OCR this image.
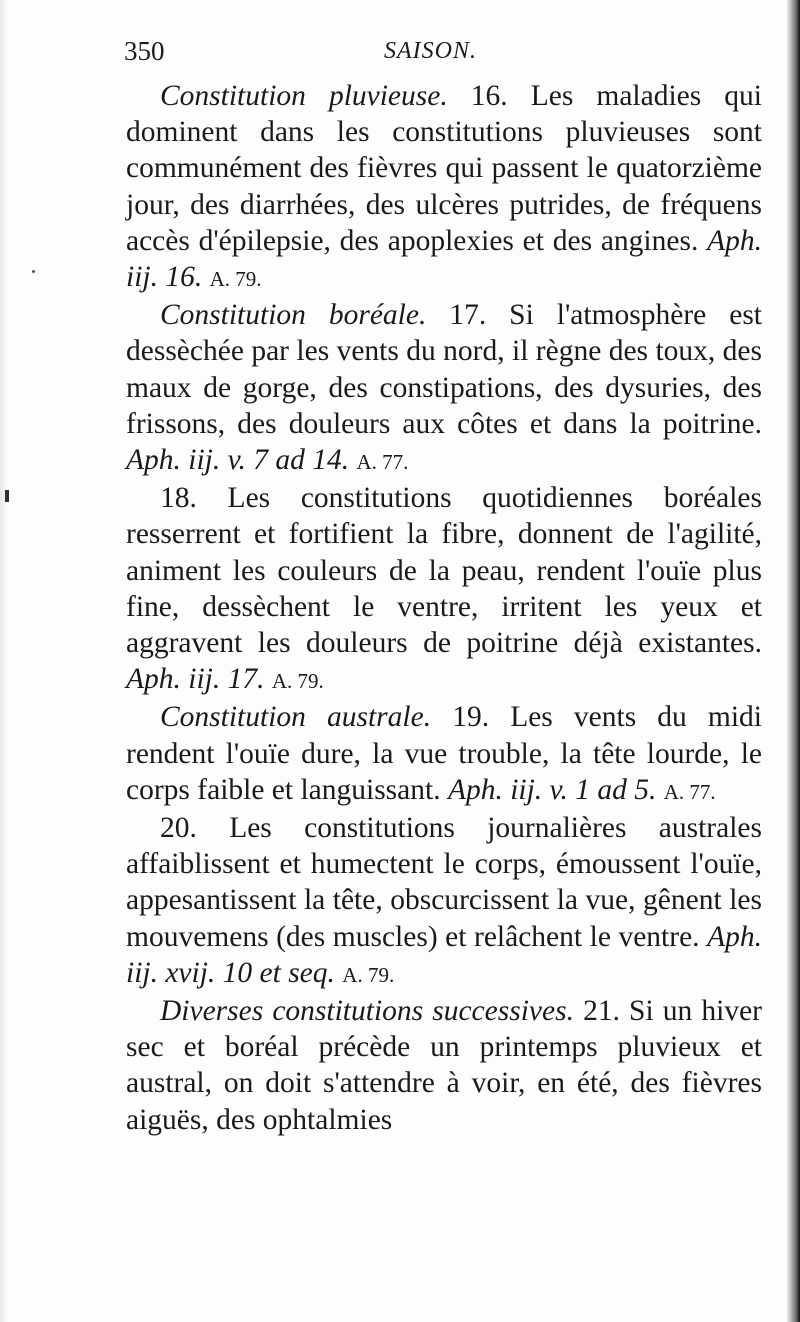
350	SAISON.

Constitution pluvieuse. 16. Les maladies qui dominent dans les constitutions pluvieuses sont communément des fièvres qui passent le quatorzième jour, des diarrhées, des ulcères putrides, de fréquens accès d'épilepsie, des apoplexies et des angines. Aph. iij. 16. A. 79.

Constitution boréale. 17. Si l'atmosphère est dessèchée par les vents du nord, il règne des toux, des maux de gorge, des constipations, des dysuries, des frissons, des douleurs aux côtes et dans la poitrine. Aph. iij. v. 7 ad 14. A. 77.

18. Les constitutions quotidiennes boréales resserrent et fortifient la fibre, donnent de l'agilité, animent les couleurs de la peau, rendent l'ouïe plus fine, dessèchent le ventre, irritent les yeux et aggravent les douleurs de poitrine déjà existantes. Aph. iij. 17. A. 79.

Constitution australe. 19. Les vents du midi rendent l'ouïe dure, la vue trouble, la tête lourde, le corps faible et languissant. Aph. iij. v. 1 ad 5. A. 77.

20. Les constitutions journalières australes affaiblissent et humectent le corps, émoussent l'ouïe, appesantissent la tête, obscurcissent la vue, gênent les mouvemens (des muscles) et relâchent le ventre. Aph. iij. xvij. 10 et seq. A. 79.

Diverses constitutions successives. 21. Si un hiver sec et boréal précède un printemps pluvieux et austral, on doit s'attendre à voir, en été, des fièvres aiguës, des ophtalmies
